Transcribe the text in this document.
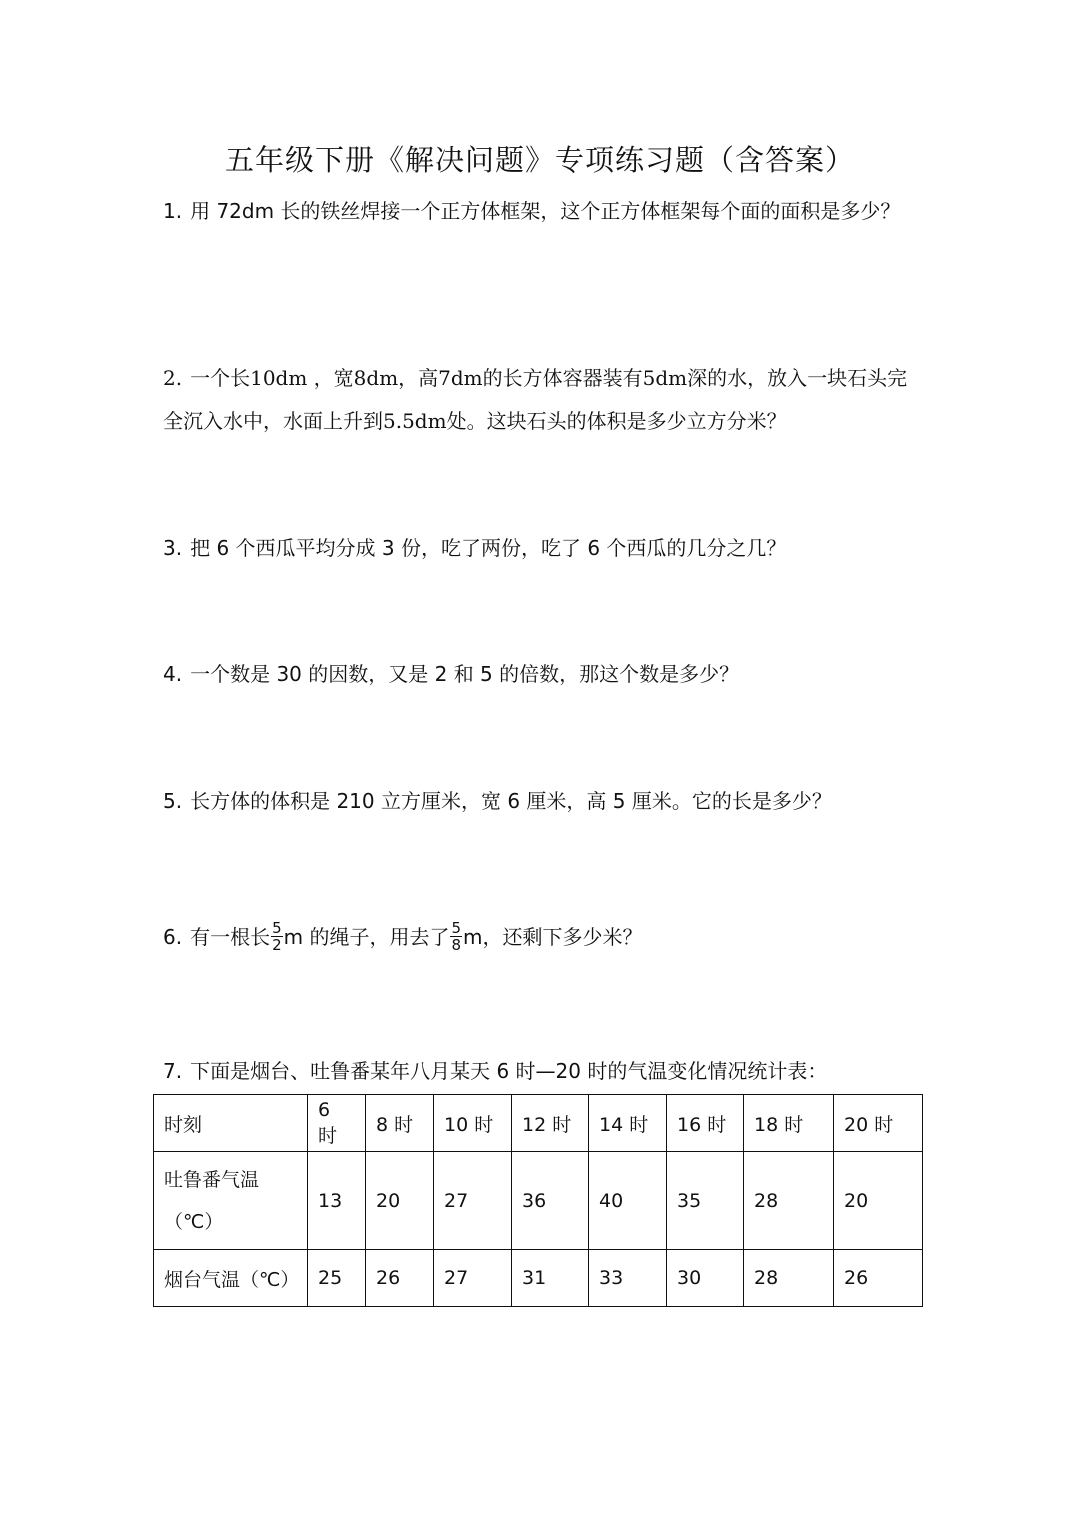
五年级下册《解决问题》专项练习题（含答案）
1. 用 72dm 长的铁丝焊接一个正方体框架，这个正方体框架每个面的面积是多少？
2. 一个长10dm ，宽8dm，高7dm的长方体容器装有5dm深的水，放入一块石头完全沉入水中，水面上升到5.5dm处。这块石头的体积是多少立方分米？
3. 把 6 个西瓜平均分成 3 份，吃了两份，吃了 6 个西瓜的几分之几？
4. 一个数是 30 的因数，又是 2 和 5 的倍数，那这个数是多少？
5. 长方体的体积是 210 立方厘米，宽 6 厘米，高 5 厘米。它的长是多少？
6. 有一根长 $\frac{5}{2}$ m 的绳子，用去了 $\frac{5}{8}$ m，还剩下多少米？
7. 下面是烟台、吐鲁番某年八月某天 6 时—20 时的气温变化情况统计表：
时刻	6 时	8 时	10 时	12 时	14 时	16 时	18 时	20 时
吐鲁番气温
（℃）	13	20	27	36	40	35	28	20
烟台气温（℃）	25	26	27	31	33	30	28	26
